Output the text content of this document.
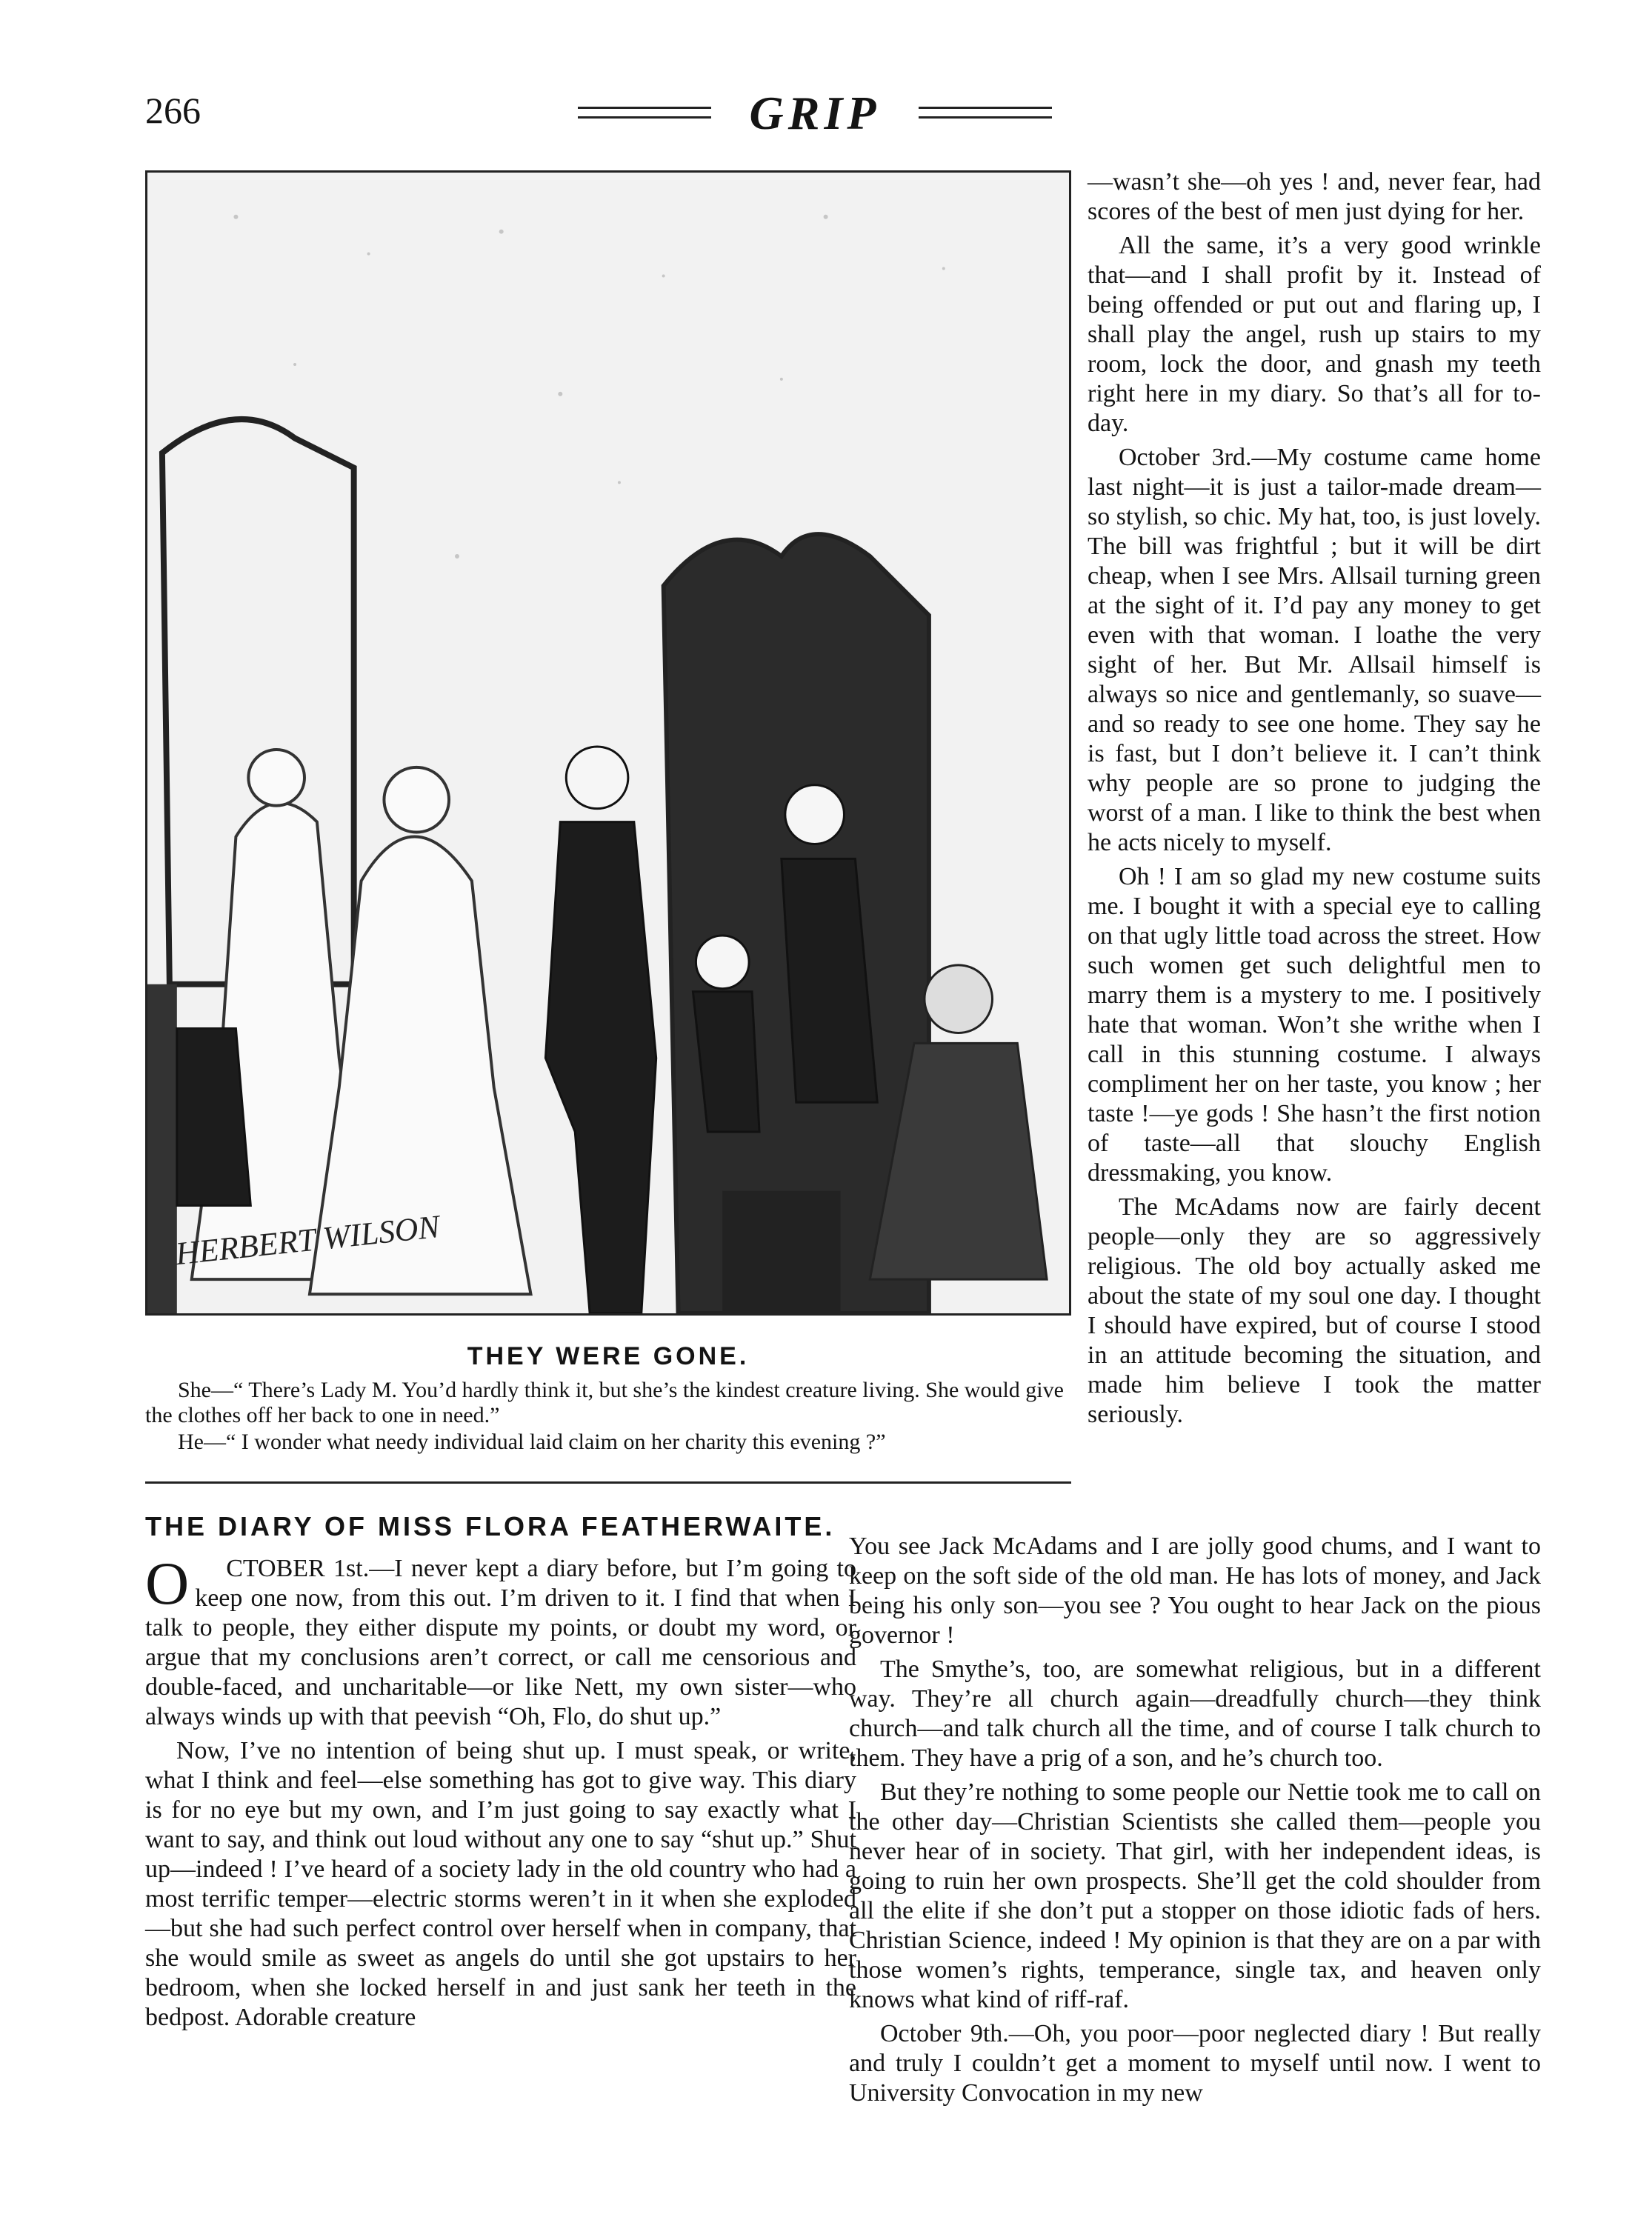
266	GRIP
HERBERT WILSON
THEY WERE GONE.
She—“ There’s Lady M. You’d hardly think it, but she’s the kindest creature living. She would give the clothes off her back to one in need.”
He—“ I wonder what needy individual laid claim on her charity this evening ?”
THE DIARY OF MISS FLORA FEATHERWAITE.

O CTOBER 1st.—I never kept a diary before, but I’m going to keep one now, from this out. I’m driven to it. I find that when I talk to people, they either dispute my points, or doubt my word, or argue that my conclusions aren’t correct, or call me censorious and double-faced, and uncharitable—or like Nett, my own sister—who always winds up with that peevish “Oh, Flo, do shut up.”

Now, I’ve no intention of being shut up. I must speak, or write, what I think and feel—else something has got to give way. This diary is for no eye but my own, and I’m just going to say exactly what I want to say, and think out loud without any one to say “shut up.” Shut up—indeed ! I’ve heard of a society lady in the old country who had a most terrific temper—electric storms weren’t in it when she exploded—but she had such perfect control over herself when in company, that she would smile as sweet as angels do until she got upstairs to her bedroom, when she locked herself in and just sank her teeth in the bedpost. Adorable creature

—wasn’t she—oh yes ! and, never fear, had scores of the best of men just dying for her.

All the same, it’s a very good wrinkle that—and I shall profit by it. Instead of being offended or put out and flaring up, I shall play the angel, rush up stairs to my room, lock the door, and gnash my teeth right here in my diary. So that’s all for to-day.

October 3rd.—My costume came home last night—it is just a tailor-made dream—so stylish, so chic. My hat, too, is just lovely. The bill was frightful ; but it will be dirt cheap, when I see Mrs. Allsail turning green at the sight of it. I’d pay any money to get even with that woman. I loathe the very sight of her. But Mr. Allsail himself is always so nice and gentlemanly, so suave—and so ready to see one home. They say he is fast, but I don’t believe it. I can’t think why people are so prone to judging the worst of a man. I like to think the best when he acts nicely to myself.

Oh ! I am so glad my new costume suits me. I bought it with a special eye to calling on that ugly little toad across the street. How such women get such delightful men to marry them is a mystery to me. I positively hate that woman. Won’t she writhe when I call in this stunning costume. I always compliment her on her taste, you know ; her taste !—ye gods ! She hasn’t the first notion of taste—all that slouchy English dressmaking, you know.

The McAdams now are fairly decent people—only they are so aggressively religious. The old boy actually asked me about the state of my soul one day. I thought I should have expired, but of course I stood in an attitude becoming the situation, and made him believe I took the matter seriously.

You see Jack McAdams and I are jolly good chums, and I want to keep on the soft side of the old man. He has lots of money, and Jack being his only son—you see ? You ought to hear Jack on the pious governor !

The Smythe’s, too, are somewhat religious, but in a different way. They’re all church again—dreadfully church—they think church—and talk church all the time, and of course I talk church to them. They have a prig of a son, and he’s church too.

But they’re nothing to some people our Nettie took me to call on the other day—Christian Scientists she called them—people you never hear of in society. That girl, with her independent ideas, is going to ruin her own prospects. She’ll get the cold shoulder from all the elite if she don’t put a stopper on those idiotic fads of hers. Christian Science, indeed ! My opinion is that they are on a par with those women’s rights, temperance, single tax, and heaven only knows what kind of riff-raf.

October 9th.—Oh, you poor—poor neglected diary ! But really and truly I couldn’t get a moment to myself until now. I went to University Convocation in my new
